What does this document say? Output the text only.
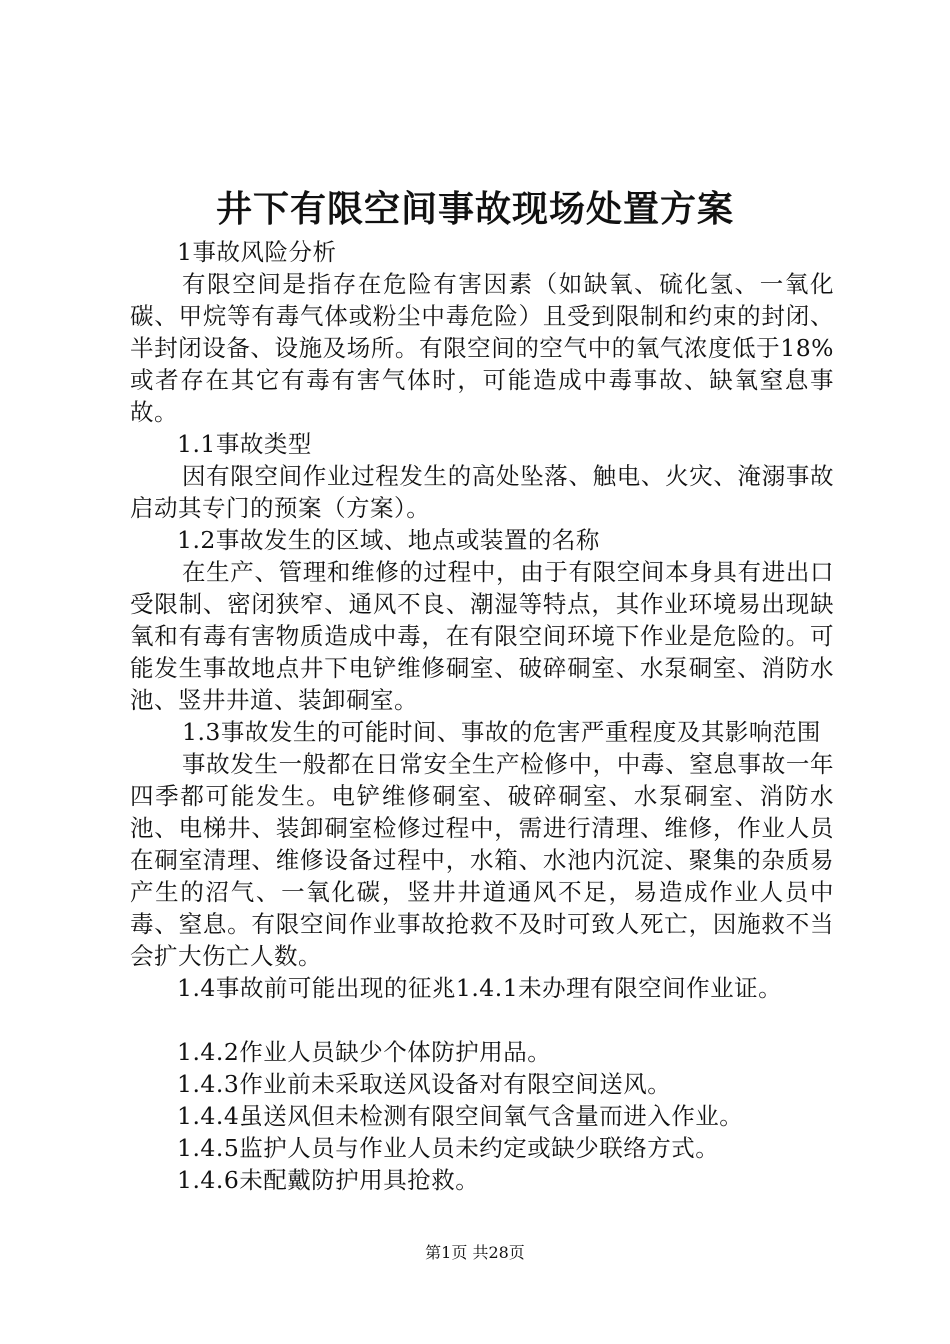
井下有限空间事故现场处置方案

1事故风险分析

有限空间是指存在危险有害因素（如缺氧、硫化氢、一氧化碳、甲烷等有毒气体或粉尘中毒危险）且受到限制和约束的封闭、半封闭设备、设施及场所。有限空间的空气中的氧气浓度低于18%或者存在其它有毒有害气体时，可能造成中毒事故、缺氧窒息事故。

1.1事故类型

因有限空间作业过程发生的高处坠落、触电、火灾、淹溺事故启动其专门的预案（方案）。

1.2事故发生的区域、地点或装置的名称

在生产、管理和维修的过程中，由于有限空间本身具有进出口受限制、密闭狭窄、通风不良、潮湿等特点，其作业环境易出现缺氧和有毒有害物质造成中毒，在有限空间环境下作业是危险的。可能发生事故地点井下电铲维修硐室、破碎硐室、水泵硐室、消防水池、竖井井道、装卸硐室。

1.3事故发生的可能时间、事故的危害严重程度及其影响范围

事故发生一般都在日常安全生产检修中，中毒、窒息事故一年四季都可能发生。电铲维修硐室、破碎硐室、水泵硐室、消防水池、电梯井、装卸硐室检修过程中，需进行清理、维修，作业人员在硐室清理、维修设备过程中，水箱、水池内沉淀、聚集的杂质易产生的沼气、一氧化碳，竖井井道通风不足，易造成作业人员中毒、窒息。有限空间作业事故抢救不及时可致人死亡，因施救不当会扩大伤亡人数。

1.4事故前可能出现的征兆1.4.1未办理有限空间作业证。

1.4.2作业人员缺少个体防护用品。

1.4.3作业前未采取送风设备对有限空间送风。

1.4.4虽送风但未检测有限空间氧气含量而进入作业。

1.4.5监护人员与作业人员未约定或缺少联络方式。

1.4.6未配戴防护用具抢救。

第1页 共28页
